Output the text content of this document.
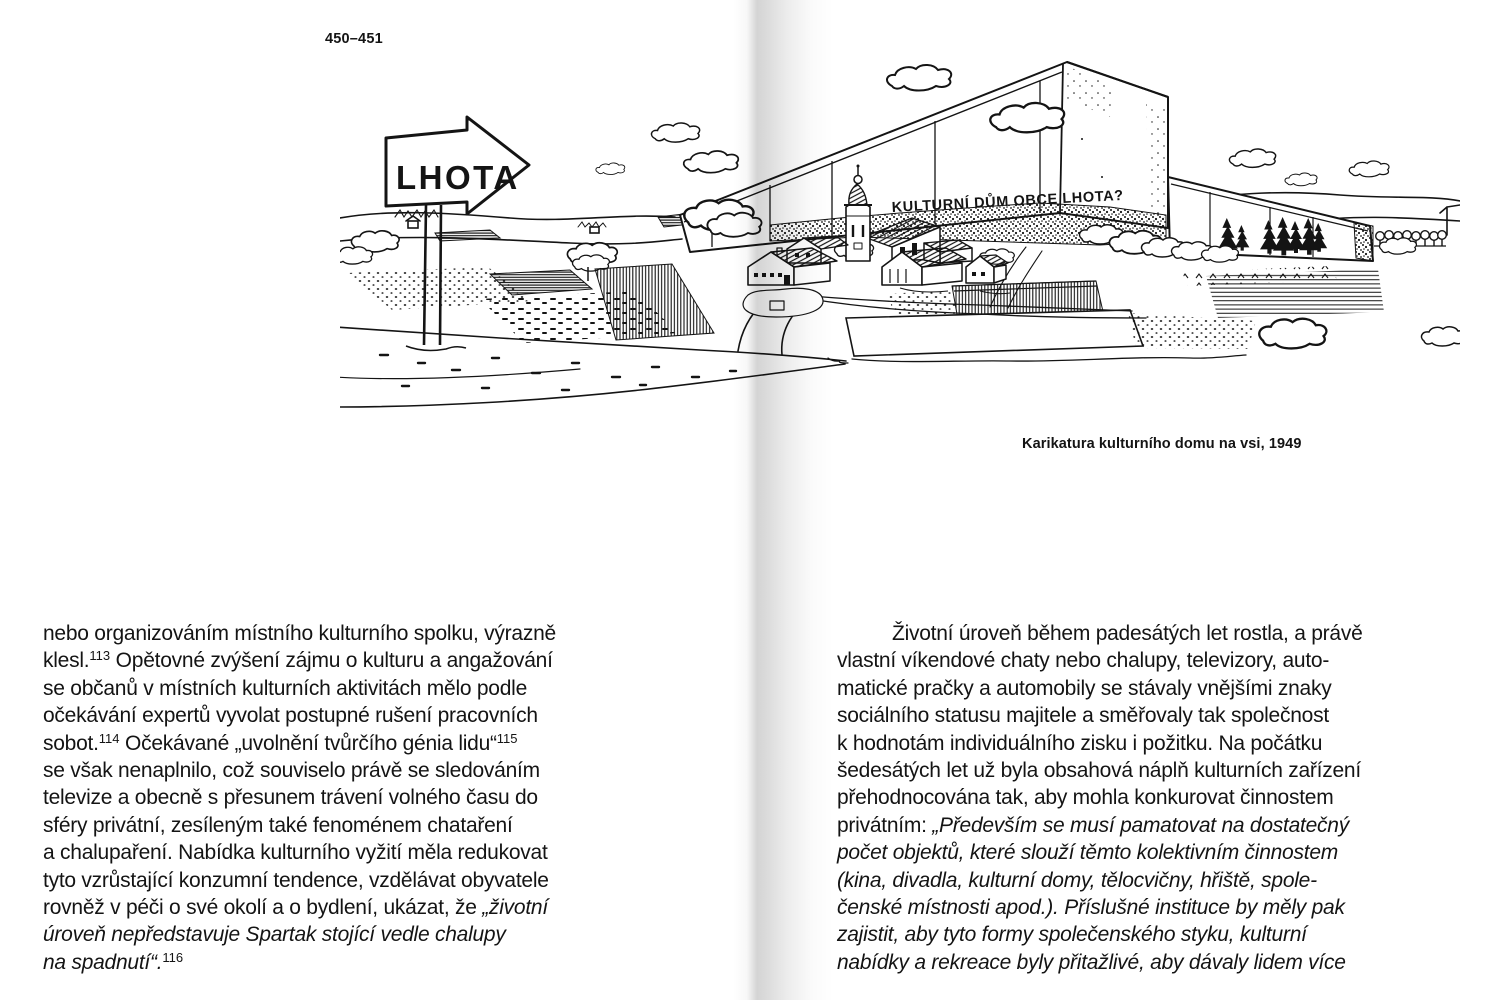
450–451
KULTURNÍ DŮM OBCE LHOTA?
LHOTA
Karikatura kulturního domu na vsi, 1949
nebo organizováním místního kulturního spolku, výrazně
klesl.$^{113}$ Opětovné zvýšení zájmu o kulturu a angažování
se občanů v místních kulturních aktivitách mělo podle
očekávání expertů vyvolat postupné rušení pracovních
sobot.$^{114}$ Očekávané „uvolnění tvůrčího génia lidu“$^{115}$
se však nenaplnilo, což souviselo právě se sledováním
televize a obecně s přesunem trávení volného času do
sféry privátní, zesíleným také fenoménem chataření
a chalupaření. Nabídka kulturního vyžití měla redukovat
tyto vzrůstající konzumní tendence, vzdělávat obyvatele
rovněž v péči o své okolí a o bydlení, ukázat, že „životní
úroveň nepředstavuje Spartak stojící vedle chalupy
na spadnutí“.$^{116}$
Životní úroveň během padesátých let rostla, a právě
vlastní víkendové chaty nebo chalupy, televizory, auto-
matické pračky a automobily se stávaly vnějšími znaky
sociálního statusu majitele a směřovaly tak společnost
k hodnotám individuálního zisku i požitku. Na počátku
šedesátých let už byla obsahová náplň kulturních zařízení
přehodnocována tak, aby mohla konkurovat činnostem
privátním: „Především se musí pamatovat na dostatečný
počet objektů, které slouží těmto kolektivním činnostem
(kina, divadla, kulturní domy, tělocvičny, hřiště, spole-
čenské místnosti apod.). Příslušné instituce by měly pak
zajistit, aby tyto formy společenského styku, kulturní
nabídky a rekreace byly přitažlivé, aby dávaly lidem více
